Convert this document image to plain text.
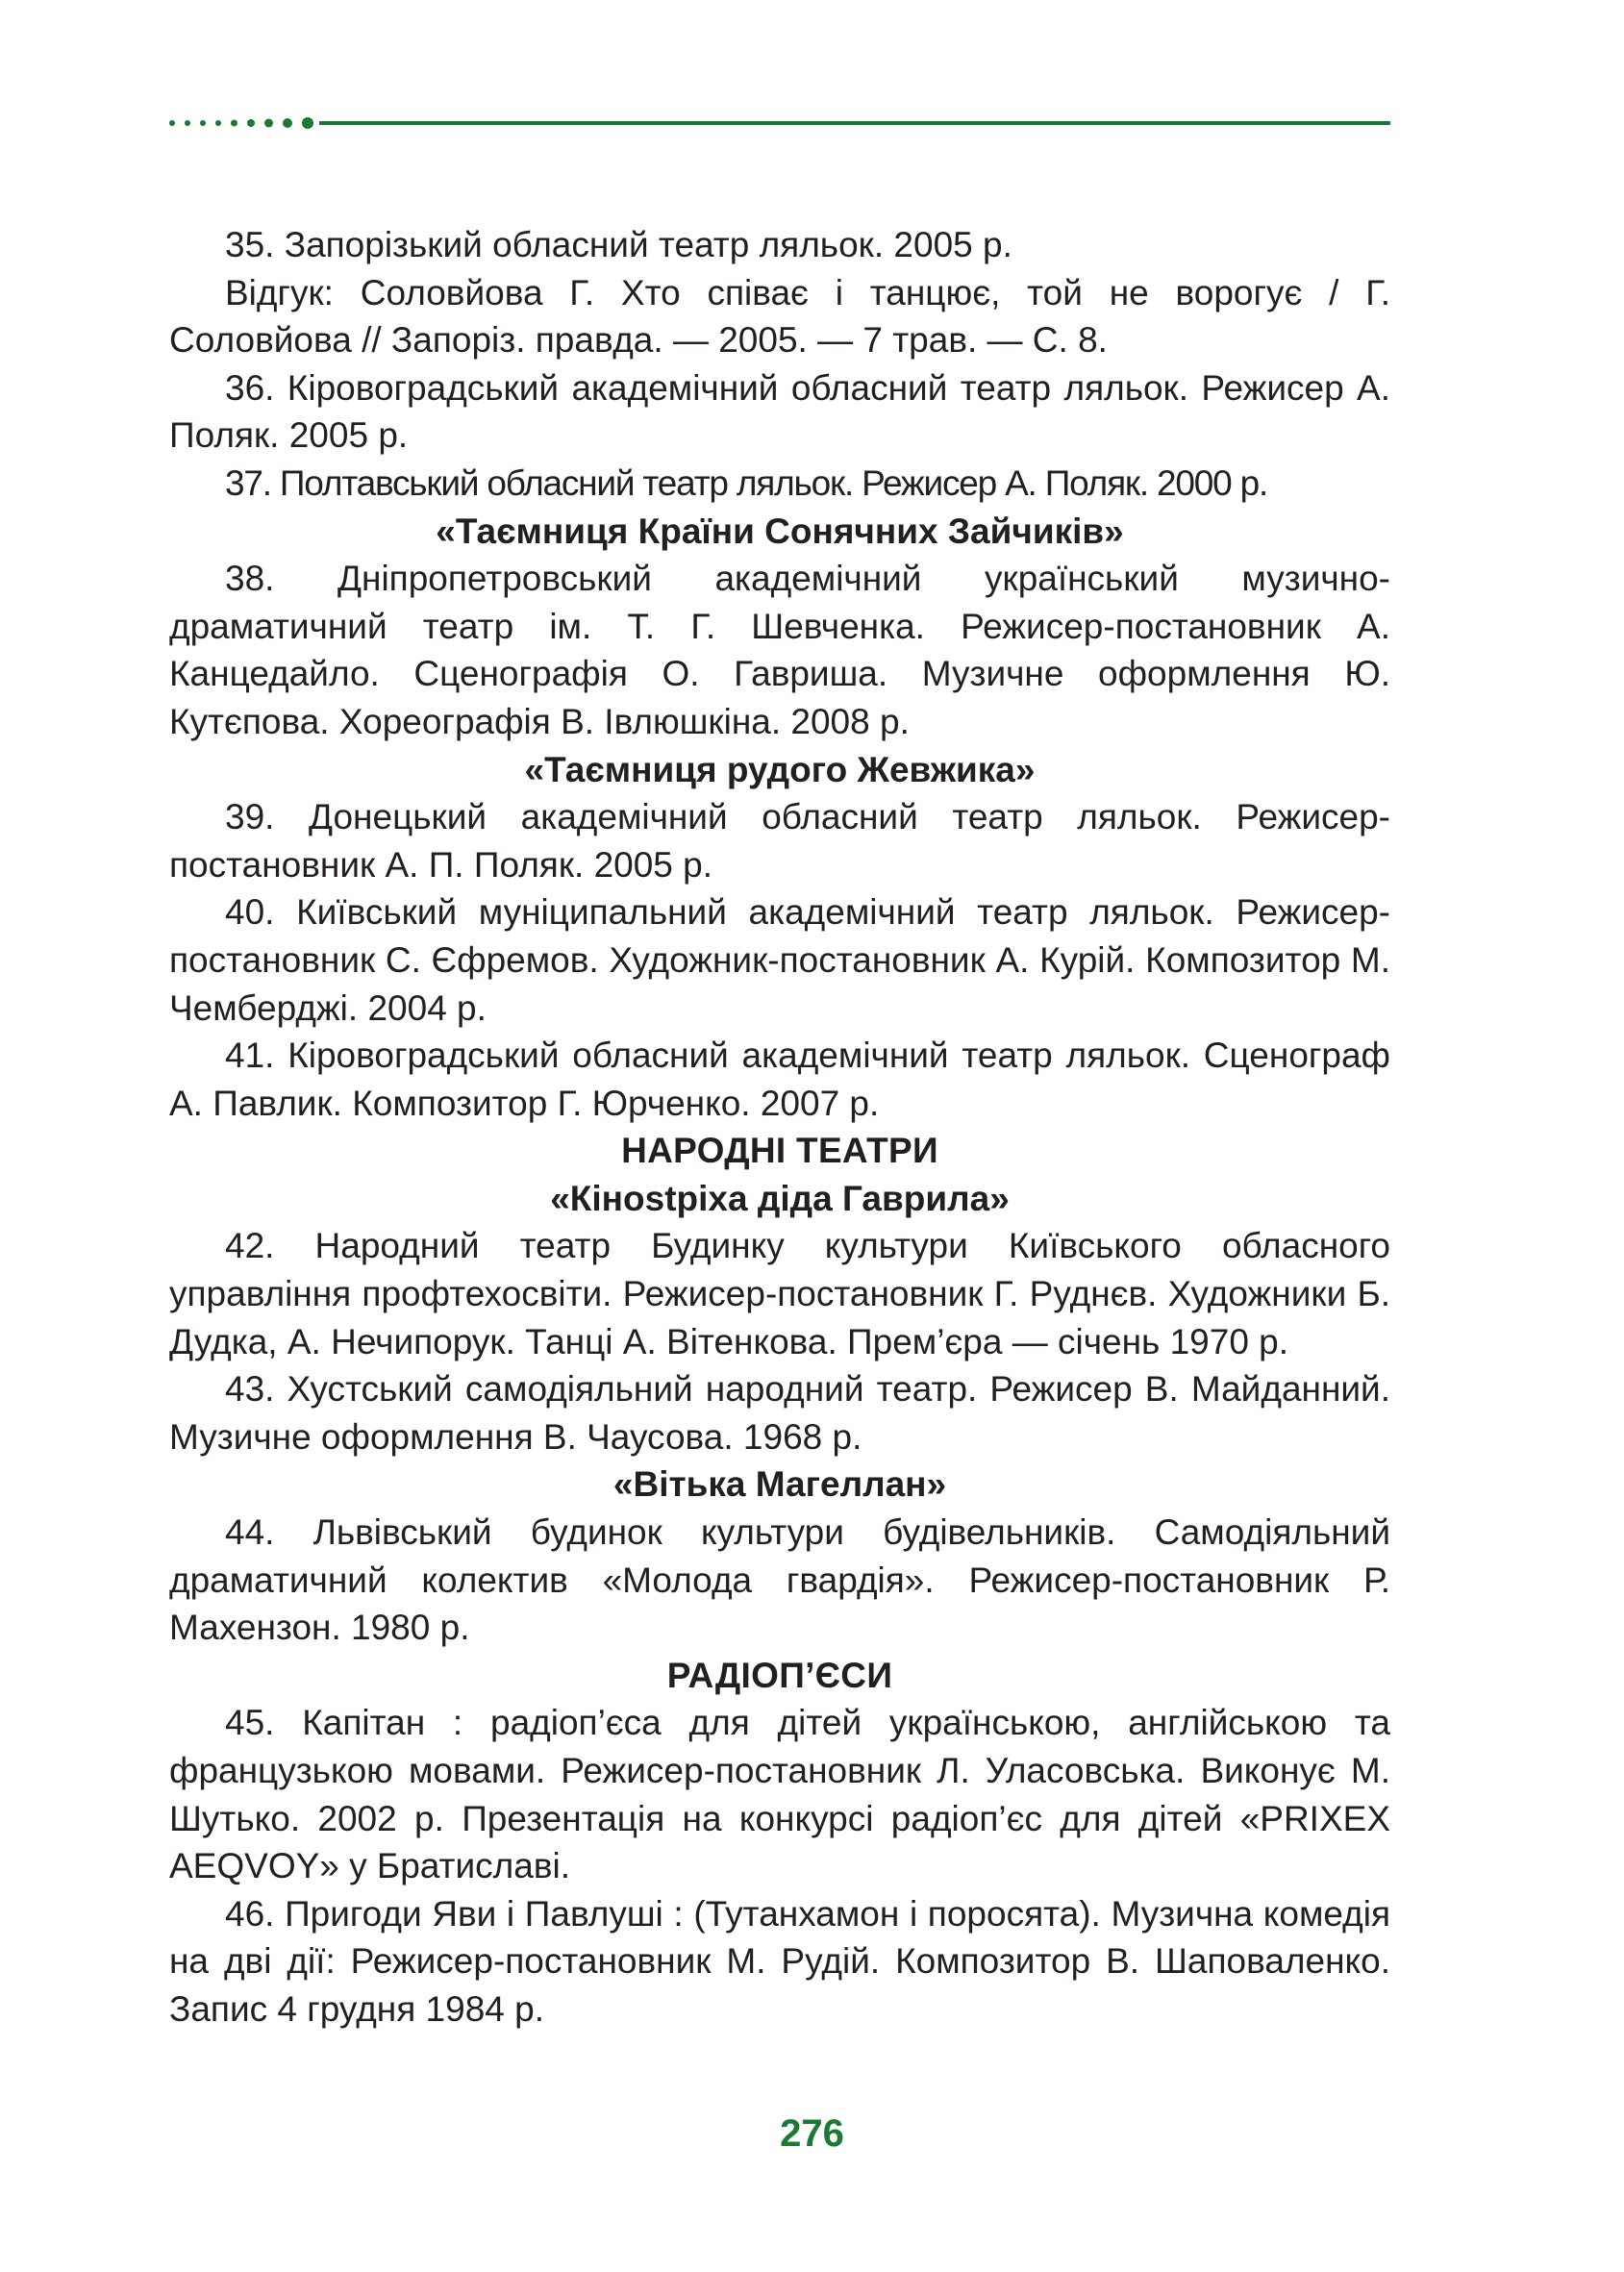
35. Запорізький обласний театр ляльок. 2005 р.

Відгук: Соловйова Г. Хто співає і танцює, той не ворогує / Г. Соловйова // Запоріз. правда. — 2005. — 7 трав. — С. 8.

36. Кіровоградський академічний обласний театр ляльок. Режисер А. Поляк. 2005 р.

37. Полтавський обласний театр ляльок. Режисер А. Поляк. 2000 р.

«Таємниця Країни Сонячних Зайчиків»

38. Дніпропетровський академічний український музично-драматичний театр ім. Т. Г. Шевченка. Режисер-постановник А. Канцедайло. Сценографія О. Гавриша. Музичне оформлення Ю. Кутєпова. Хореографія В. Івлюшкіна. 2008 р.

«Таємниця рудого Жевжика»

39. Донецький академічний обласний театр ляльок. Режисер-постановник А. П. Поляк. 2005 р.

40. Київський муніципальний академічний театр ляльок. Режисер-постановник С. Єфремов. Художник-постановник А. Курій. Композитор М. Чемберджі. 2004 р.

41. Кіровоградський обласний академічний театр ляльок. Сценограф А. Павлик. Композитор Г. Юрченко. 2007 р.

НАРОДНІ ТЕАТРИ

«Кінostріха діда Гаврила»

42. Народний театр Будинку культури Київського обласного управління профтехосвіти. Режисер-постановник Г. Руднєв. Художники Б. Дудка, А. Нечипорук. Танці А. Вітенкова. Прем’єра — січень 1970 р.

43. Хустський самодіяльний народний театр. Режисер В. Майданний. Музичне оформлення В. Чаусова. 1968 р.

«Вітька Магеллан»

44. Львівський будинок культури будівельників. Самодіяльний драматичний колектив «Молода гвардія». Режисер-постановник Р. Махензон. 1980 р.

РАДІОП’ЄСИ

45. Капітан : радіоп’єса для дітей українською, англійською та французькою мовами. Режисер-постановник Л. Уласовська. Виконує М. Шутько. 2002 р. Презентація на конкурсі радіоп’єс для дітей «PRIXEX AEQVOY» у Братиславі.

46. Пригоди Яви і Павлуші : (Тутанхамон і поросята). Музична комедія на дві дії: Режисер-постановник М. Рудій. Композитор В. Шаповаленко. Запис 4 грудня 1984 р.

276
